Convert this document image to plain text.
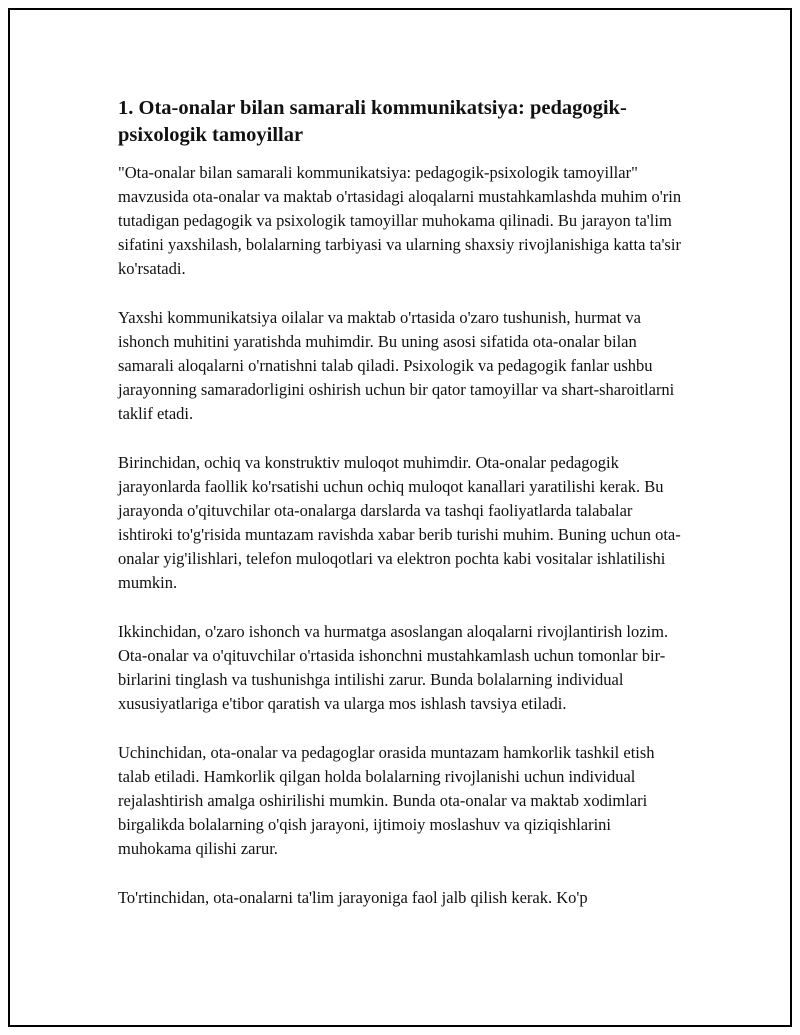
1. Ota-onalar bilan samarali kommunikatsiya: pedagogik-psixologik tamoyillar

"Ota-onalar bilan samarali kommunikatsiya: pedagogik-psixologik tamoyillar" mavzusida ota-onalar va maktab o'rtasidagi aloqalarni mustahkamlashda muhim o'rin tutadigan pedagogik va psixologik tamoyillar muhokama qilinadi. Bu jarayon ta'lim sifatini yaxshilash, bolalarning tarbiyasi va ularning shaxsiy rivojlanishiga katta ta'sir ko'rsatadi.

Yaxshi kommunikatsiya oilalar va maktab o'rtasida o'zaro tushunish, hurmat va ishonch muhitini yaratishda muhimdir. Bu uning asosi sifatida ota-onalar bilan samarali aloqalarni o'rnatishni talab qiladi. Psixologik va pedagogik fanlar ushbu jarayonning samaradorligini oshirish uchun bir qator tamoyillar va shart-sharoitlarni taklif etadi.

Birinchidan, ochiq va konstruktiv muloqot muhimdir. Ota-onalar pedagogik jarayonlarda faollik ko'rsatishi uchun ochiq muloqot kanallari yaratilishi kerak. Bu jarayonda o'qituvchilar ota-onalarga darslarda va tashqi faoliyatlarda talabalar ishtiroki to'g'risida muntazam ravishda xabar berib turishi muhim. Buning uchun ota-onalar yig'ilishlari, telefon muloqotlari va elektron pochta kabi vositalar ishlatilishi mumkin.

Ikkinchidan, o'zaro ishonch va hurmatga asoslangan aloqalarni rivojlantirish lozim. Ota-onalar va o'qituvchilar o'rtasida ishonchni mustahkamlash uchun tomonlar bir-birlarini tinglash va tushunishga intilishi zarur. Bunda bolalarning individual xususiyatlariga e'tibor qaratish va ularga mos ishlash tavsiya etiladi.

Uchinchidan, ota-onalar va pedagoglar orasida muntazam hamkorlik tashkil etish talab etiladi. Hamkorlik qilgan holda bolalarning rivojlanishi uchun individual rejalashtirish amalga oshirilishi mumkin. Bunda ota-onalar va maktab xodimlari birgalikda bolalarning o'qish jarayoni, ijtimoiy moslashuv va qiziqishlarini muhokama qilishi zarur.

To'rtinchidan, ota-onalarni ta'lim jarayoniga faol jalb qilish kerak. Ko'p
